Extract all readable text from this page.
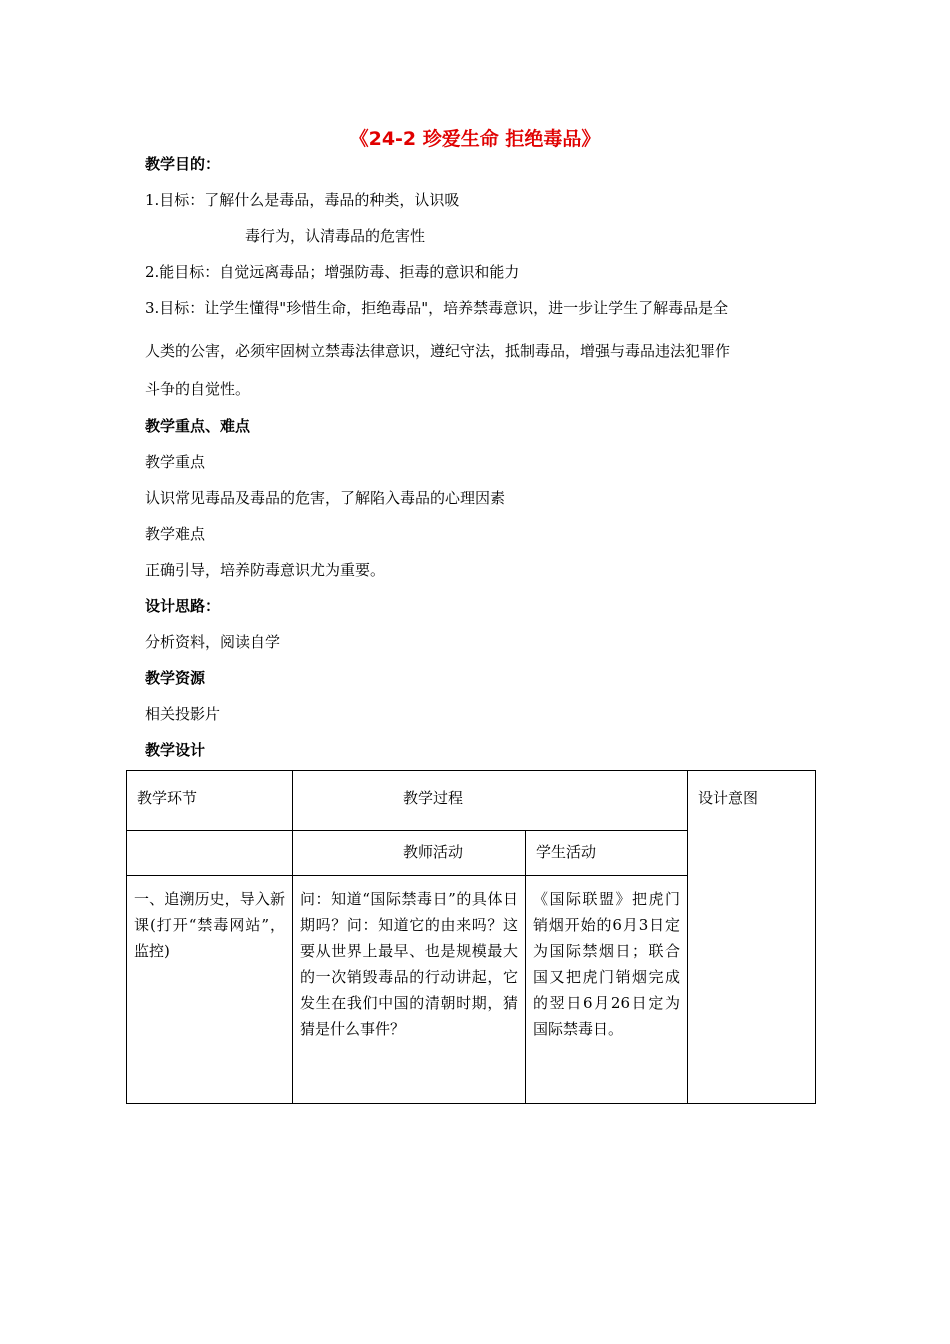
《24-2 珍爱生命 拒绝毒品》
教学目的：
1.目标：了解什么是毒品，毒品的种类，认识吸
毒行为，认清毒品的危害性
2.能目标：自觉远离毒品；增强防毒、拒毒的意识和能力
3.目标：让学生懂得"珍惜生命，拒绝毒品"，培养禁毒意识，进一步让学生了解毒品是全
人类的公害，必须牢固树立禁毒法律意识，遵纪守法，抵制毒品，增强与毒品违法犯罪作
斗争的自觉性。
教学重点、难点
教学重点
认识常见毒品及毒品的危害，了解陷入毒品的心理因素
教学难点
正确引导，培养防毒意识尤为重要。
设计思路：
分析资料，阅读自学
教学资源
相关投影片
教学设计
教学环节	教学过程		设计意图

	教师活动	学生活动	

一、追溯历史，导入新课(打开“禁毒网站”，监控)	问：知道“国际禁毒日”的具体日期吗？问：知道它的由来吗？这要从世界上最早、也是规模最大的一次销毁毒品的行动讲起，它发生在我们中国的清朝时期，猜猜是什么事件？	《国际联盟》把虎门销烟开始的6月3日定为国际禁烟日；联合国又把虎门销烟完成的翌日6月26日定为国际禁毒日。	
